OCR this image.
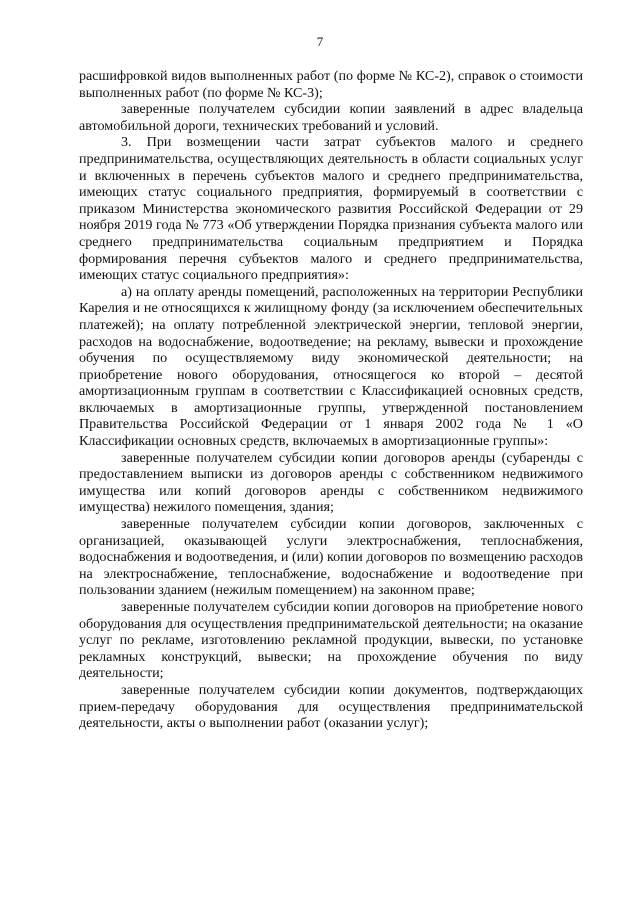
7

расшифровкой видов выполненных работ (по форме № КС-2), справок о стоимости выполненных работ (по форме № КС-3);

заверенные получателем субсидии копии заявлений в адрес владельца автомобильной дороги, технических требований и условий.

3. При возмещении части затрат субъектов малого и среднего предпринимательства, осуществляющих деятельность в области социальных услуг и включенных в перечень субъектов малого и среднего предпринимательства, имеющих статус социального предприятия, формируемый в соответствии с приказом Министерства экономического развития Российской Федерации от 29 ноября 2019 года № 773 «Об утверждении Порядка признания субъекта малого или среднего предпринимательства социальным предприятием и Порядка формирования перечня субъектов малого и среднего предпринимательства, имеющих статус социального предприятия»:

а) на оплату аренды помещений, расположенных на территории Республики Карелия и не относящихся к жилищному фонду (за исключением обеспечительных платежей); на оплату потребленной электрической энергии, тепловой энергии, расходов на водоснабжение, водоотведение; на рекламу, вывески и прохождение обучения по осуществляемому виду экономической деятельности; на приобретение нового оборудования, относящегося ко второй – десятой амортизационным группам в соответствии с Классификацией основных средств, включаемых в амортизационные группы, утвержденной постановлением Правительства Российской Федерации от 1 января 2002 года № 1 «О Классификации основных средств, включаемых в амортизационные группы»:

заверенные получателем субсидии копии договоров аренды (субаренды с предоставлением выписки из договоров аренды с собственником недвижимого имущества или копий договоров аренды с собственником недвижимого имущества) нежилого помещения, здания;

заверенные получателем субсидии копии договоров, заключенных с организацией, оказывающей услуги электроснабжения, теплоснабжения, водоснабжения и водоотведения, и (или) копии договоров по возмещению расходов на электроснабжение, теплоснабжение, водоснабжение и водоотведение при пользовании зданием (нежилым помещением) на законном праве;

заверенные получателем субсидии копии договоров на приобретение нового оборудования для осуществления предпринимательской деятельности; на оказание услуг по рекламе, изготовлению рекламной продукции, вывески, по установке рекламных конструкций, вывески; на прохождение обучения по виду деятельности;

заверенные получателем субсидии копии документов, подтверждающих прием-передачу оборудования для осуществления предпринимательской деятельности, акты о выполнении работ (оказании услуг);
